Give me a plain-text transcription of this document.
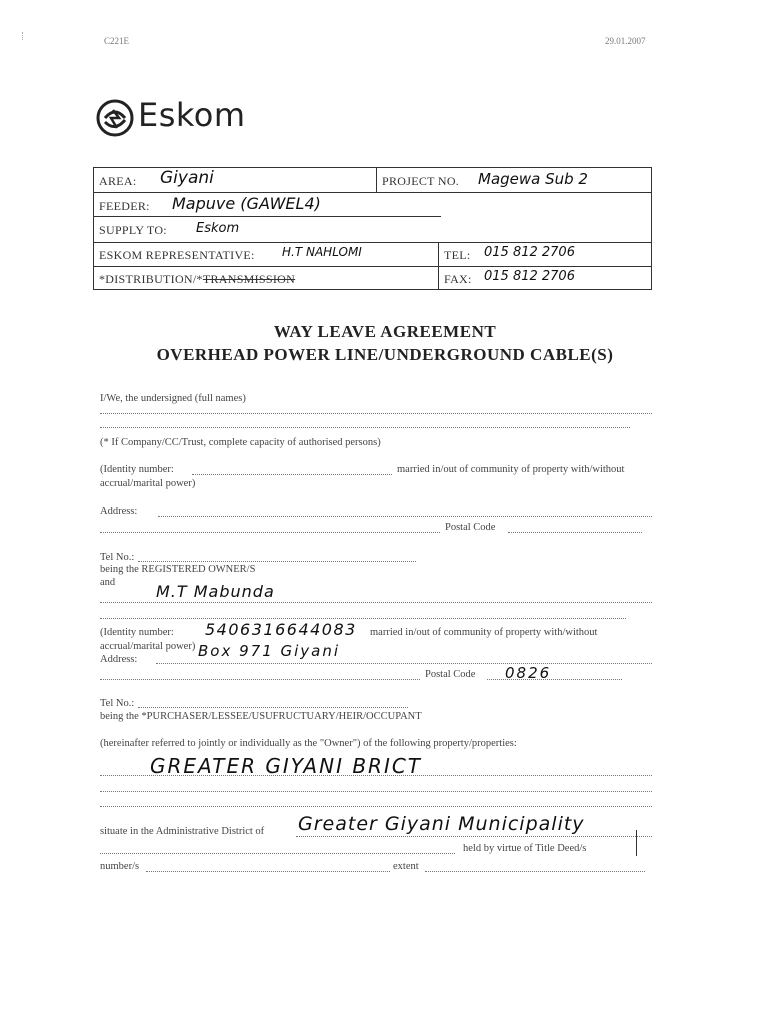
C221E	29.01.2007
Eskom
AREA: Giyani	PROJECT NO. Magewa Sub 2
FEEDER: Mapuve (GAWEL4)
SUPPLY TO: Eskom
ESKOM REPRESENTATIVE: H.T NAHLOMI	TEL: 015 812 2706
*DISTRIBUTION/*TRANSMISSION	FAX: 015 812 2706
WAY LEAVE AGREEMENT
OVERHEAD POWER LINE/UNDERGROUND CABLE(S)
I/We, the undersigned (full names)
(* If Company/CC/Trust, complete capacity of authorised persons)
(Identity number:	married in/out of community of property with/without
accrual/marital power)
Address:
Postal Code
Tel No.:
being the REGISTERED OWNER/S
and	M.T Mabunda
(Identity number: 5406316644083 married in/out of community of property with/without
accrual/marital power)
Address:	Box 971 Giyani
Postal Code 0826
Tel No.:
being the *PURCHASER/LESSEE/USUFRUCTUARY/HEIR/OCCUPANT
(hereinafter referred to jointly or individually as the "Owner") of the following property/properties:
GREATER GIYANI BRICT
situate in the Administrative District of Greater Giyani Municipality
held by virtue of Title Deed/s
number/s	extent
